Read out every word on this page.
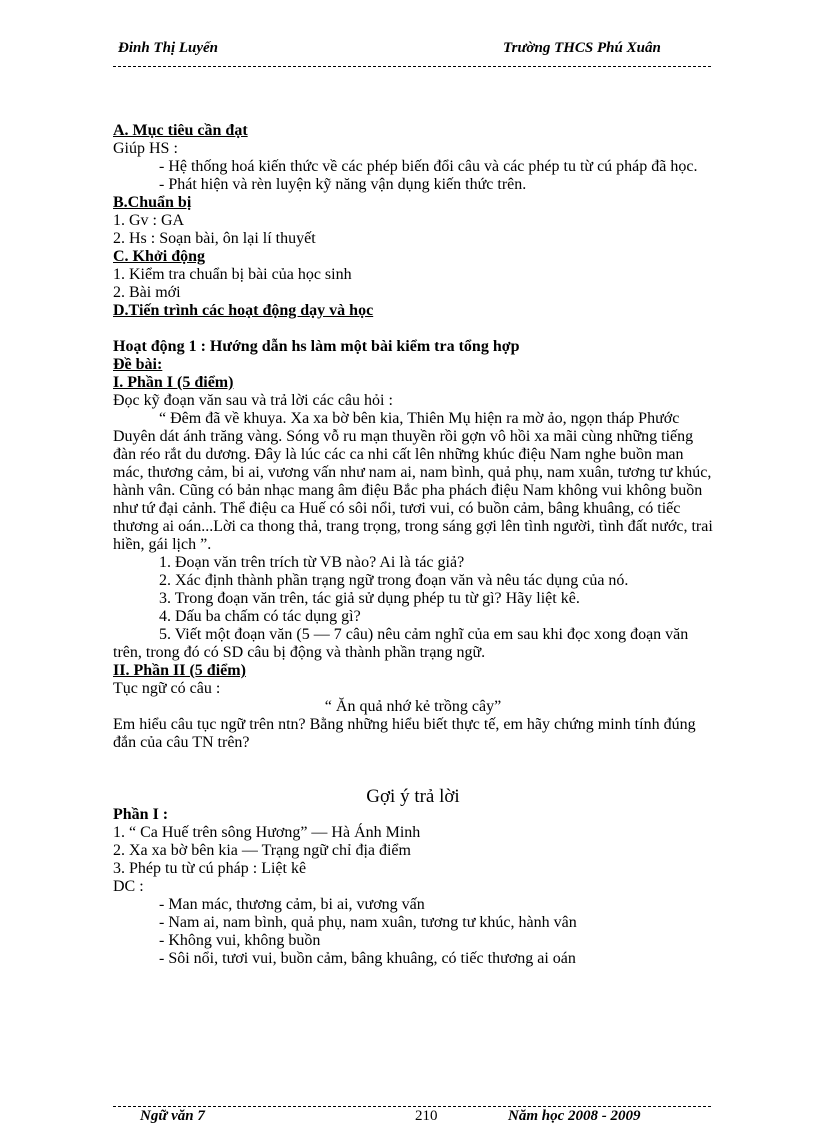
Đinh Thị Luyến	Trường THCS Phú Xuân

A. Mục tiêu cần đạt

Giúp HS :

- Hệ thống hoá kiến thức về các phép biến đổi câu và các phép tu từ cú pháp đã học.

- Phát hiện và rèn luyện kỹ năng vận dụng kiến thức trên.

B.Chuẩn bị

1. Gv : GA

2. Hs : Soạn bài, ôn lại lí thuyết

C. Khởi động

1. Kiểm tra chuẩn bị bài của học sinh

2. Bài mới

D.Tiến trình các hoạt động dạy và học

Hoạt động 1 : Hướng dẫn hs làm một bài kiểm tra tổng hợp

Đề bài:

I. Phần I (5 điểm)

Đọc kỹ đoạn văn sau và trả lời các câu hỏi :

“ Đêm đã về khuya. Xa xa bờ bên kia, Thiên Mụ hiện ra mờ ảo, ngọn tháp Phước Duyên dát ánh trăng vàng. Sóng vỗ ru mạn thuyền rồi gợn vô hồi xa mãi cùng những tiếng đàn réo rắt du dương. Đây là lúc các ca nhi cất lên những khúc điệu Nam nghe buồn man mác, thương cảm, bi ai, vương vấn như nam ai, nam bình, quả phụ, nam xuân, tương tư khúc, hành vân. Cũng có bản nhạc mang âm điệu Bắc pha phách điệu Nam không vui không buồn như tứ đại cảnh. Thể điệu ca Huế có sôi nổi, tươi vui, có buồn cảm, bâng khuâng, có tiếc thương ai oán...Lời ca thong thả, trang trọng, trong sáng gợi lên tình người, tình đất nước, trai hiền, gái lịch ”.

1. Đoạn văn trên trích từ VB nào? Ai là tác giả?

2. Xác định thành phần trạng ngữ trong đoạn văn và nêu tác dụng của nó.

3. Trong đoạn văn trên, tác giả sử dụng phép tu từ gì? Hãy liệt kê.

4. Dấu ba chấm có tác dụng gì?

5. Viết một đoạn văn (5 — 7 câu) nêu cảm nghĩ của em sau khi đọc xong đoạn văn trên, trong đó có SD câu bị động và thành phần trạng ngữ.

II. Phần II (5 điểm)

Tục ngữ có câu :

“ Ăn quả nhớ kẻ trồng cây”

Em hiểu câu tục ngữ trên ntn? Bằng những hiểu biết thực tế, em hãy chứng minh tính đúng đắn của câu TN trên?

Gợi ý trả lời

Phần I :

1. “ Ca Huế trên sông Hương” — Hà Ánh Minh

2. Xa xa bờ bên kia — Trạng ngữ chỉ địa điểm

3. Phép tu từ cú pháp : Liệt kê

DC :

- Man mác, thương cảm, bi ai, vương vấn

- Nam ai, nam bình, quả phụ, nam xuân, tương tư khúc, hành vân

- Không vui, không buồn

- Sôi nổi, tươi vui, buồn cảm, bâng khuâng, có tiếc thương ai oán

Ngữ văn 7	210	Năm học 2008 - 2009
